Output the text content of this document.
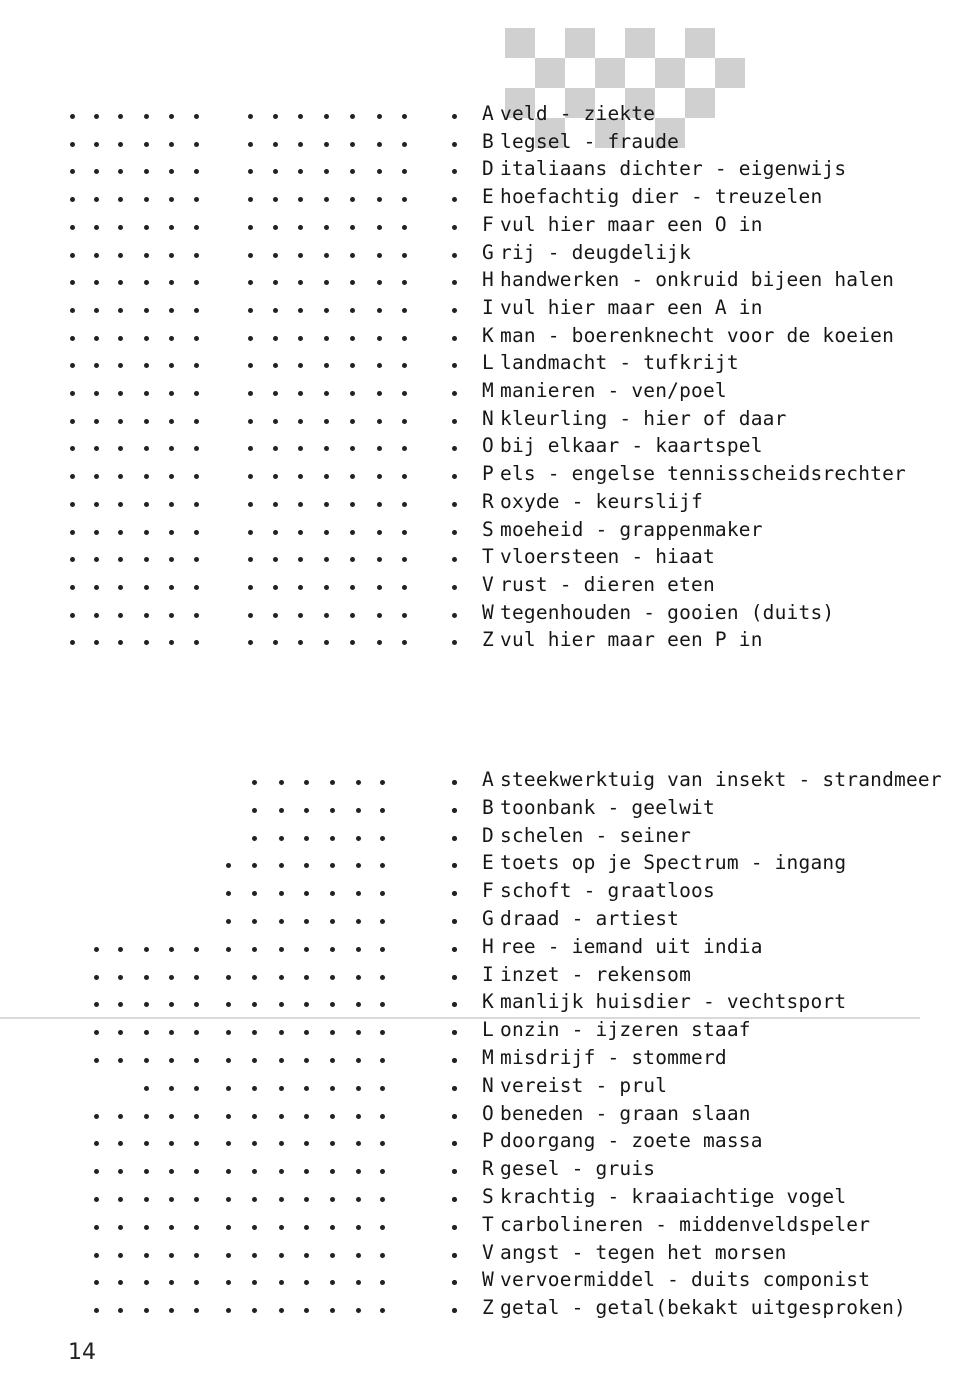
A veld - ziekte
B legsel - fraude
D italiaans dichter - eigenwijs
E hoefachtig dier - treuzelen
F vul hier maar een O in
G rij - deugdelijk
H handwerken - onkruid bijeen halen
I vul hier maar een A in
K man - boerenknecht voor de koeien
L landmacht - tufkrijt
M manieren - ven/poel
N kleurling - hier of daar
O bij elkaar - kaartspel
P els - engelse tennisscheidsrechter
R oxyde - keurslijf
S moeheid - grappenmaker
T vloersteen - hiaat
V rust - dieren eten
W tegenhouden - gooien (duits)
Z vul hier maar een P in
A steekwerktuig van insekt - strandmeer
B toonbank - geelwit
D schelen - seiner
E toets op je Spectrum - ingang
F schoft - graatloos
G draad - artiest
H ree - iemand uit india
I inzet - rekensom
K manlijk huisdier - vechtsport
L onzin - ijzeren staaf
M misdrijf - stommerd
N vereist - prul
O beneden - graan slaan
P doorgang - zoete massa
R gesel - gruis
S krachtig - kraaiachtige vogel
T carbolineren - middenveldspeler
V angst - tegen het morsen
W vervoermiddel - duits componist
Z getal - getal(bekakt uitgesproken)
14
